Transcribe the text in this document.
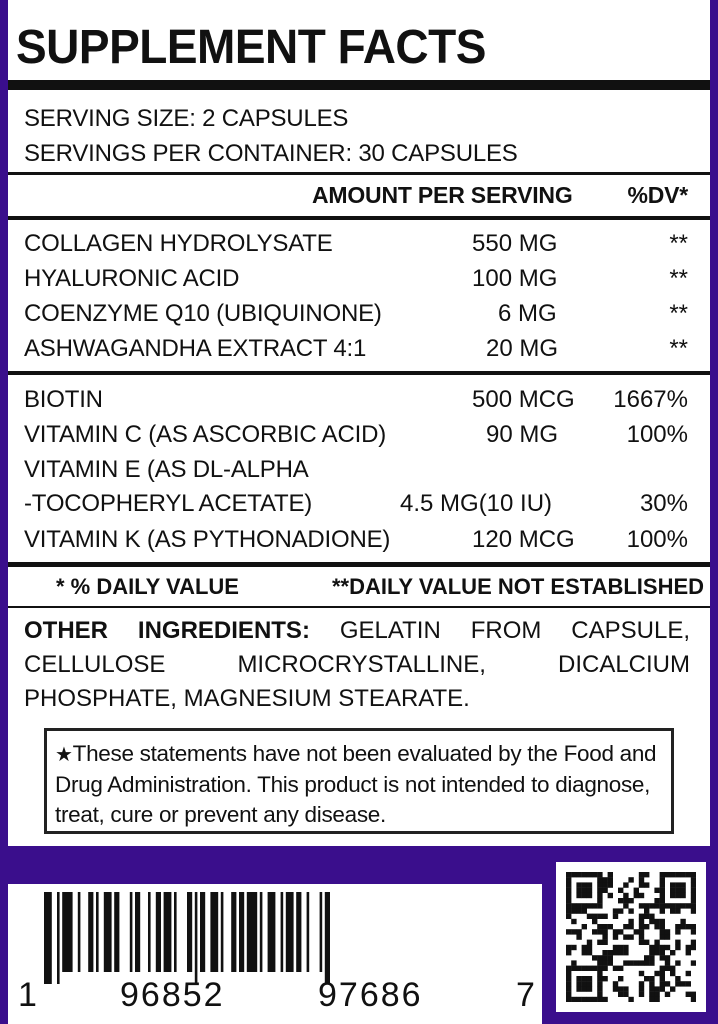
SUPPLEMENT FACTS
SERVING SIZE: 2 CAPSULES
SERVINGS PER CONTAINER: 30 CAPSULES
AMOUNT PER SERVING %DV*
COLLAGEN HYDROLYSATE	550 MG	**
HYALURONIC ACID	100 MG	**
COENZYME Q10 (UBIQUINONE)	6 MG	**
ASHWAGANDHA EXTRACT 4:1	20 MG	**
BIOTIN	500 MCG 1667%
VITAMIN C (AS ASCORBIC ACID)	90 MG	100%
VITAMIN E (AS DL-ALPHA
-TOCOPHERYL ACETATE)	4.5 MG(10 IU)	30%
VITAMIN K (AS PYTHONADIONE)	120 MCG 100%
* % DAILY VALUE	**DAILY VALUE NOT ESTABLISHED
OTHER INGREDIENTS: GELATIN FROM CAPSULE, CELLULOSE MICROCRYSTALLINE, DICALCIUM PHOSPHATE, MAGNESIUM STEARATE.
★These statements have not been evaluated by the Food and Drug Administration. This product is not intended to diagnose, treat, cure or prevent any disease.
1 96852	97686	7
